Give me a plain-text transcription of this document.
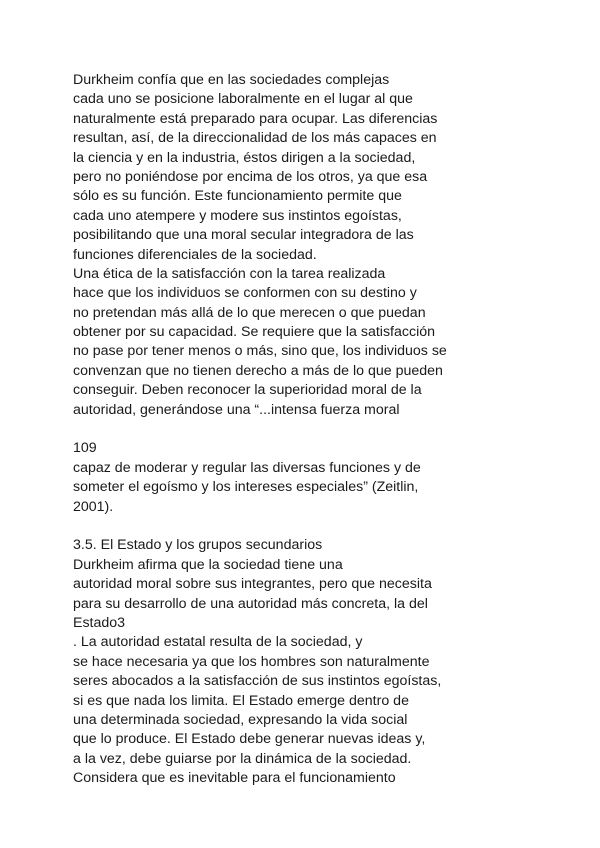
Durkheim confía que en las sociedades complejas
cada uno se posicione laboralmente en el lugar al que
naturalmente está preparado para ocupar. Las diferencias
resultan, así, de la direccionalidad de los más capaces en
la ciencia y en la industria, éstos dirigen a la sociedad,
pero no poniéndose por encima de los otros, ya que esa
sólo es su función. Este funcionamiento permite que
cada uno atempere y modere sus instintos egoístas,
posibilitando que una moral secular integradora de las
funciones diferenciales de la sociedad.
Una ética de la satisfacción con la tarea realizada
hace que los individuos se conformen con su destino y
no pretendan más allá de lo que merecen o que puedan
obtener por su capacidad. Se requiere que la satisfacción
no pase por tener menos o más, sino que, los individuos se
convenzan que no tienen derecho a más de lo que pueden
conseguir. Deben reconocer la superioridad moral de la
autoridad, generándose una “...intensa fuerza moral
109
capaz de moderar y regular las diversas funciones y de
someter el egoísmo y los intereses especiales” (Zeitlin,
2001).
3.5. El Estado y los grupos secundarios
Durkheim afirma que la sociedad tiene una
autoridad moral sobre sus integrantes, pero que necesita
para su desarrollo de una autoridad más concreta, la del
Estado3
. La autoridad estatal resulta de la sociedad, y
se hace necesaria ya que los hombres son naturalmente
seres abocados a la satisfacción de sus instintos egoístas,
si es que nada los limita. El Estado emerge dentro de
una determinada sociedad, expresando la vida social
que lo produce. El Estado debe generar nuevas ideas y,
a la vez, debe guiarse por la dinámica de la sociedad.
Considera que es inevitable para el funcionamiento
